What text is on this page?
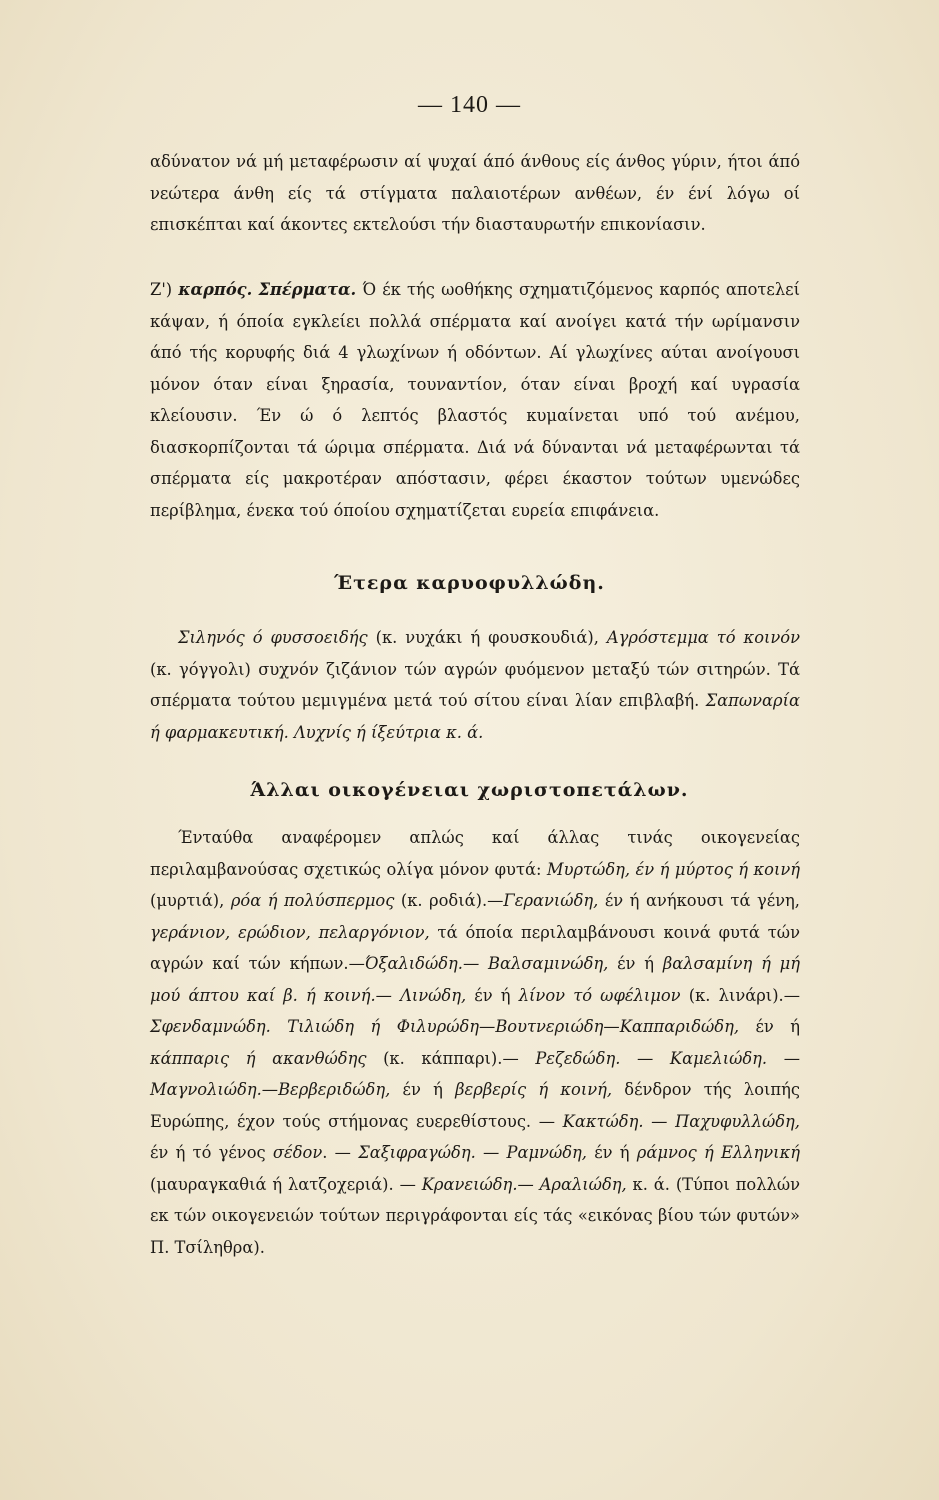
— 140 —
αδύνατον νά μή μεταφέρωσιν αί ψυχαί άπό άνθους είς άνθος γύριν, ήτοι άπό νεώτερα άνθη είς τά στίγματα παλαιοτέρων ανθέων, έν ένί λόγω οί επισκέπται καί άκοντες εκτελούσι τήν διασταυρωτήν επικονίασιν.
Ζ') καρπός. Σπέρματα. Ό έκ τής ωοθήκης σχηματιζόμενος καρπός αποτελεί κάψαν, ή όποία εγκλείει πολλά σπέρματα καί ανοίγει κατά τήν ωρίμανσιν άπό τής κορυφής διά 4 γλωχίνων ή οδόντων. Αί γλωχίνες αύται ανοίγουσι μόνον όταν είναι ξηρασία, τουναντίον, όταν είναι βροχή καί υγρασία κλείουσιν. Έν ώ ό λεπτός βλαστός κυμαίνεται υπό τού ανέμου, διασκορπίζονται τά ώριμα σπέρματα. Διά νά δύνανται νά μεταφέρωνται τά σπέρματα είς μακροτέραν απόστασιν, φέρει έκαστον τούτων υμενώδες περίβλημα, ένεκα τού όποίου σχηματίζεται ευρεία επιφάνεια.
Έτερα καρυοφυλλώδη.
Σιληνός ό φυσσοειδής (κ. νυχάκι ή φουσκουδιά), Αγρόστεμμα τό κοινόν (κ. γόγγολι) συχνόν ζιζάνιον τών αγρών φυόμενον μεταξύ τών σιτηρών. Τά σπέρματα τούτου μεμιγμένα μετά τού σίτου είναι λίαν επιβλαβή. Σαπωναρία ή φαρμακευτική. Λυχνίς ή ίξεύτρια κ. ά.
Άλλαι οικογένειαι χωριστοπετάλων.
Ένταύθα αναφέρομεν απλώς καί άλλας τινάς οικογενείας περιλαμβανούσας σχετικώς ολίγα μόνον φυτά: Μυρτώδη, έν ή μύρτος ή κοινή (μυρτιά), ρόα ή πολύσπερμος (κ. ροδιά).—Γερανιώδη, έν ή ανήκουσι τά γένη, γεράνιον, ερώδιον, πελαργόνιον, τά όποία περιλαμβάνουσι κοινά φυτά τών αγρών καί τών κήπων.—Όξαλιδώδη.— Βαλσαμινώδη, έν ή βαλσαμίνη ή μή μού άπτου καί β. ή κοινή.— Λινώδη, έν ή λίνον τό ωφέλιμον (κ. λινάρι).—Σφενδαμνώδη. Τιλιώδη ή Φιλυρώδη—Βουτνεριώδη—Καππαριδώδη, έν ή κάππαρις ή ακανθώδης (κ. κάππαρι).— Ρεζεδώδη. — Καμελιώδη. — Μαγνολιώδη.—Βερβεριδώδη, έν ή βερβερίς ή κοινή, δένδρον τής λοιπής Ευρώπης, έχον τούς στήμονας ευερεθίστους. — Κακτώδη. — Παχυφυλλώδη, έν ή τό γένος σέδον. — Σαξιφραγώδη. — Ραμνώδη, έν ή ράμνος ή Ελληνική (μαυραγκαθιά ή λατζοχεριά). — Κρανειώδη.— Αραλιώδη, κ. ά. (Τύποι πολλών εκ τών οικογενειών τούτων περιγράφονται είς τάς «εικόνας βίου τών φυτών» Π. Τσίληθρα).
